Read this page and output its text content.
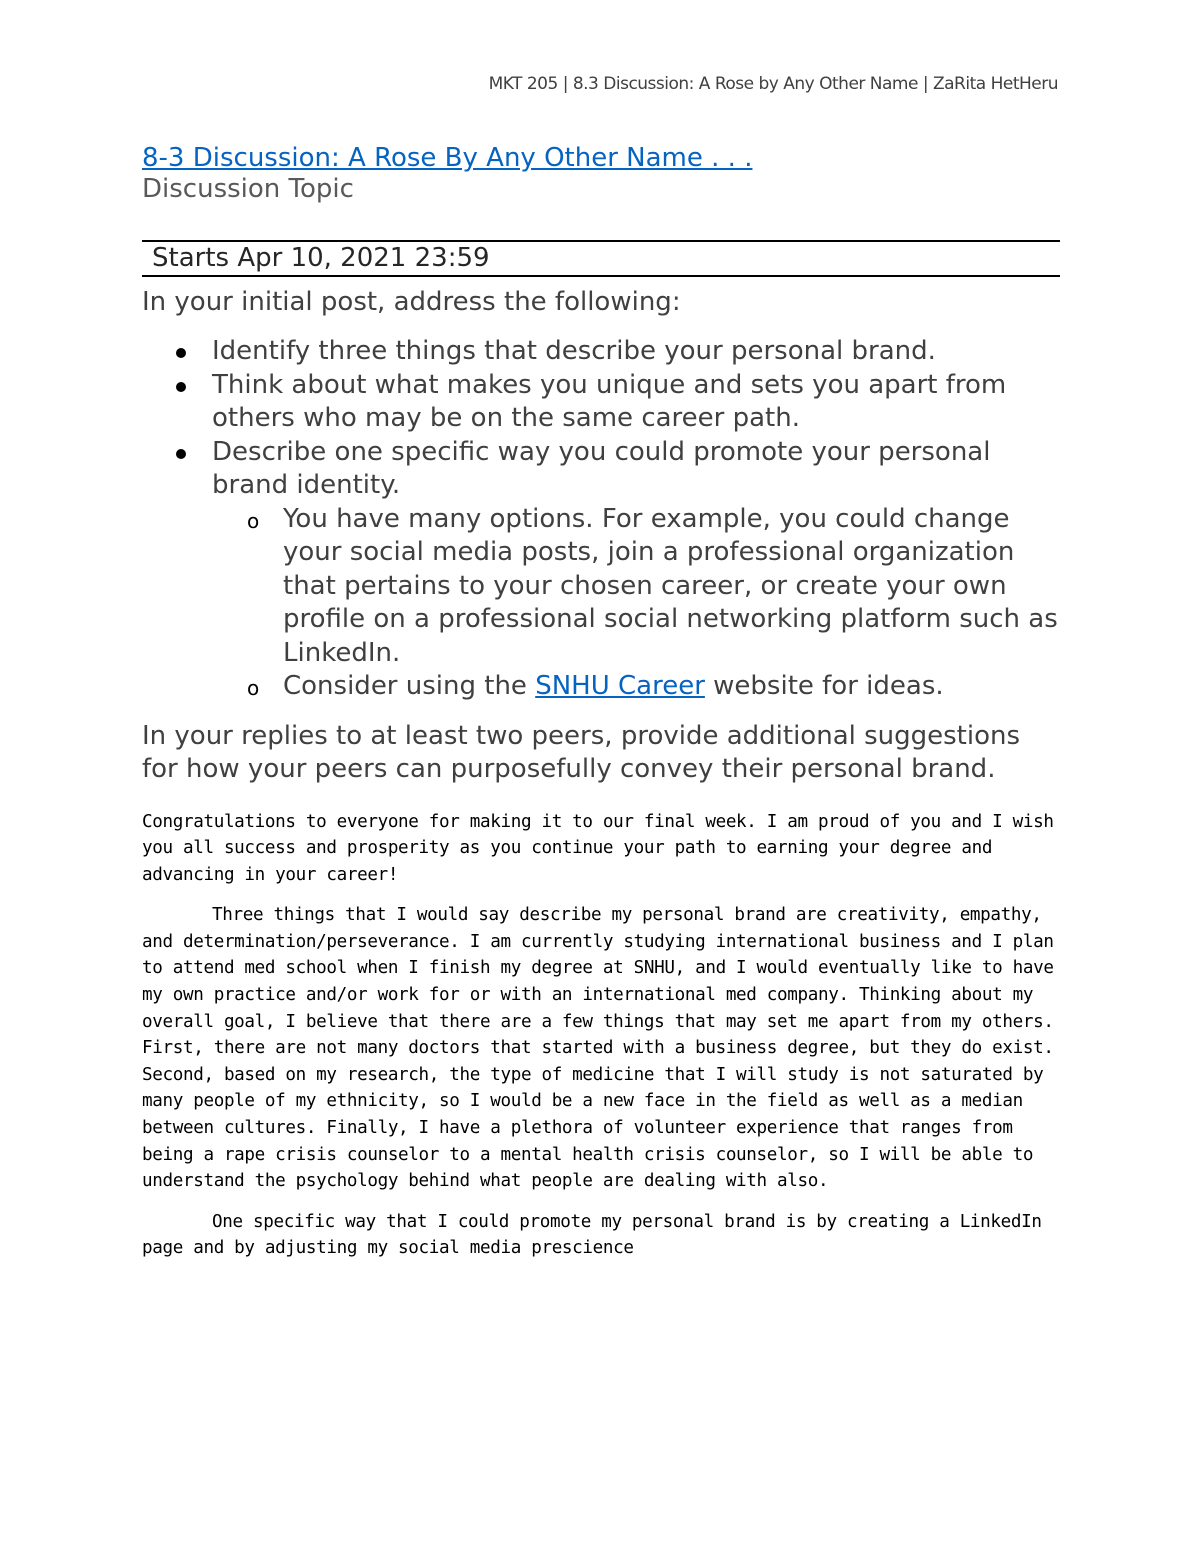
MKT 205 | 8.3 Discussion: A Rose by Any Other Name | ZaRita HetHeru
8-3 Discussion: A Rose By Any Other Name . . .
Discussion Topic
Starts Apr 10, 2021 23:59
In your initial post, address the following:
Identify three things that describe your personal brand.
Think about what makes you unique and sets you apart from others who may be on the same career path.
Describe one specific way you could promote your personal brand identity.
o You have many options. For example, you could change your social media posts, join a professional organization that pertains to your chosen career, or create your own profile on a professional social networking platform such as LinkedIn.
o Consider using the SNHU Career website for ideas.
In your replies to at least two peers, provide additional suggestions for how your peers can purposefully convey their personal brand.

Congratulations to everyone for making it to our final week. I am proud of you and I wish you all success and prosperity as you continue your path to earning your degree and advancing in your career!

Three things that I would say describe my personal brand are creativity, empathy, and determination/perseverance. I am currently studying international business and I plan to attend med school when I finish my degree at SNHU, and I would eventually like to have my own practice and/or work for or with an international med company. Thinking about my overall goal, I believe that there are a few things that may set me apart from my others. First, there are not many doctors that started with a business degree, but they do exist. Second, based on my research, the type of medicine that I will study is not saturated by many people of my ethnicity, so I would be a new face in the field as well as a median between cultures. Finally, I have a plethora of volunteer experience that ranges from being a rape crisis counselor to a mental health crisis counselor, so I will be able to understand the psychology behind what people are dealing with also.

One specific way that I could promote my personal brand is by creating a LinkedIn page and by adjusting my social media prescience
